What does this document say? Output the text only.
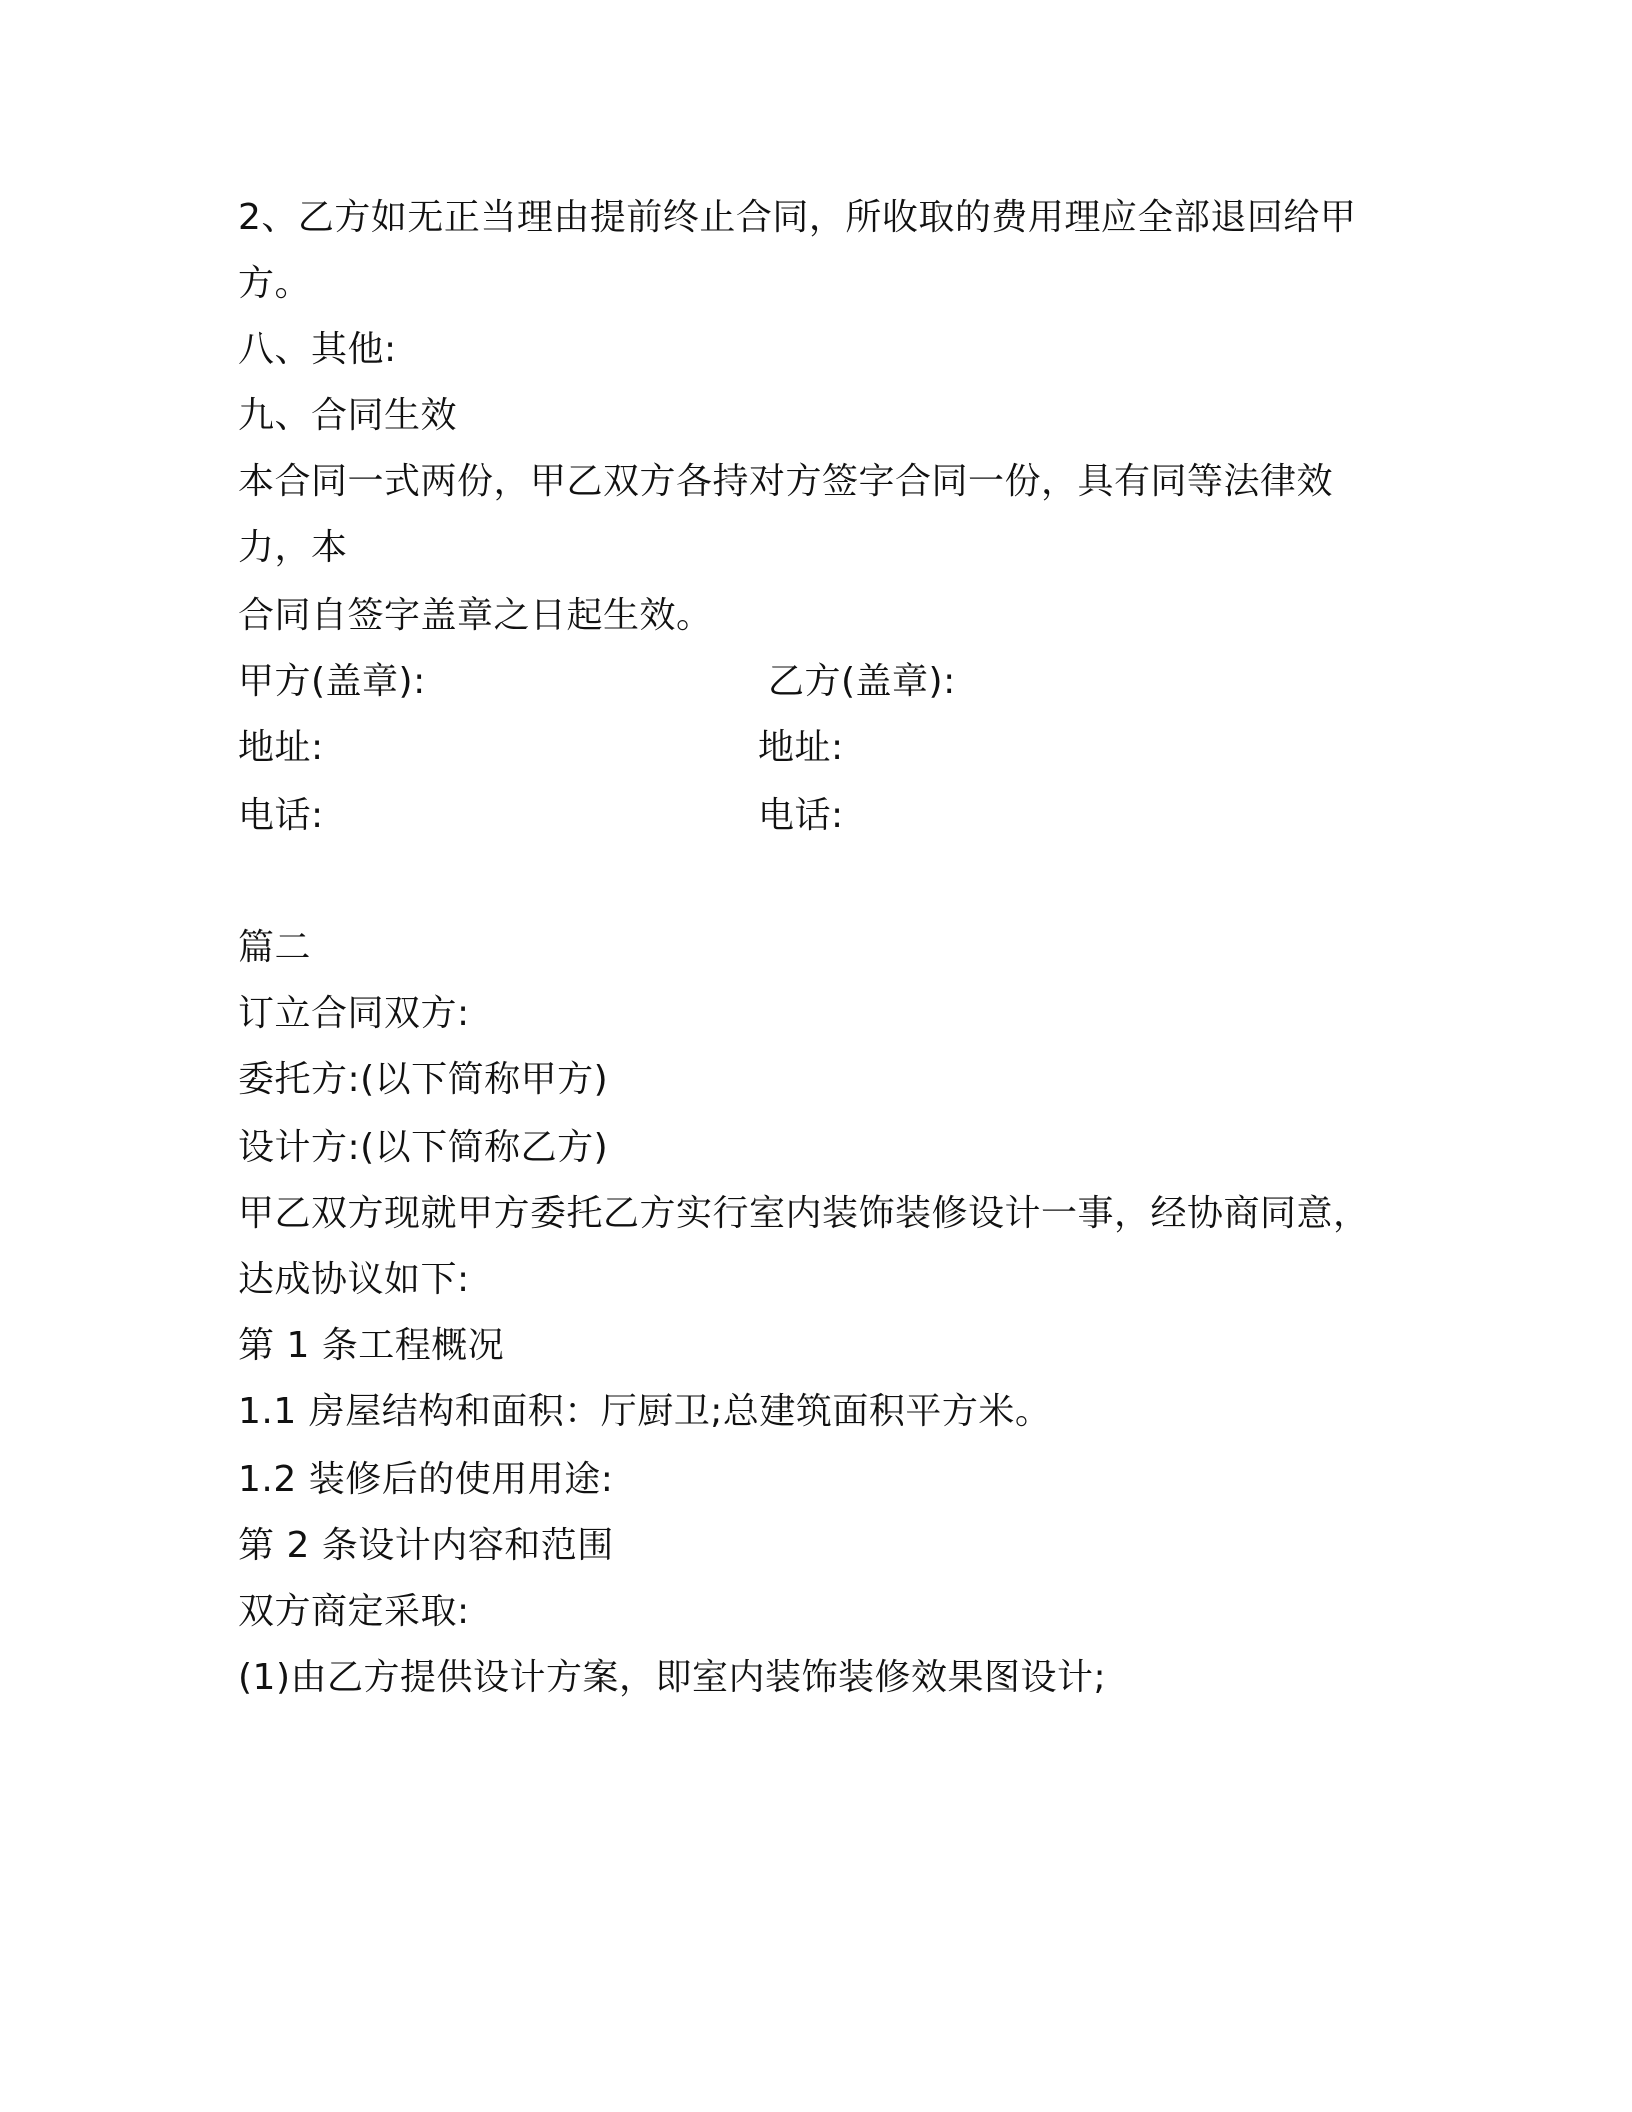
2、乙方如无正当理由提前终止合同，所收取的费用理应全部退回给甲
方。
八、其他:
九、合同生效
本合同一式两份，甲乙双方各持对方签字合同一份，具有同等法律效
力，本
合同自签字盖章之日起生效。
甲方(盖章):	乙方(盖章):
地址:	地址:
电话:	电话:
篇二
订立合同双方:
委托方:(以下简称甲方)
设计方:(以下简称乙方)
甲乙双方现就甲方委托乙方实行室内装饰装修设计一事，经协商同意，
达成协议如下:
第 1 条工程概况
1.1 房屋结构和面积：厅厨卫;总建筑面积平方米。
1.2 装修后的使用用途:
第 2 条设计内容和范围
双方商定采取:
(1)由乙方提供设计方案，即室内装饰装修效果图设计;
